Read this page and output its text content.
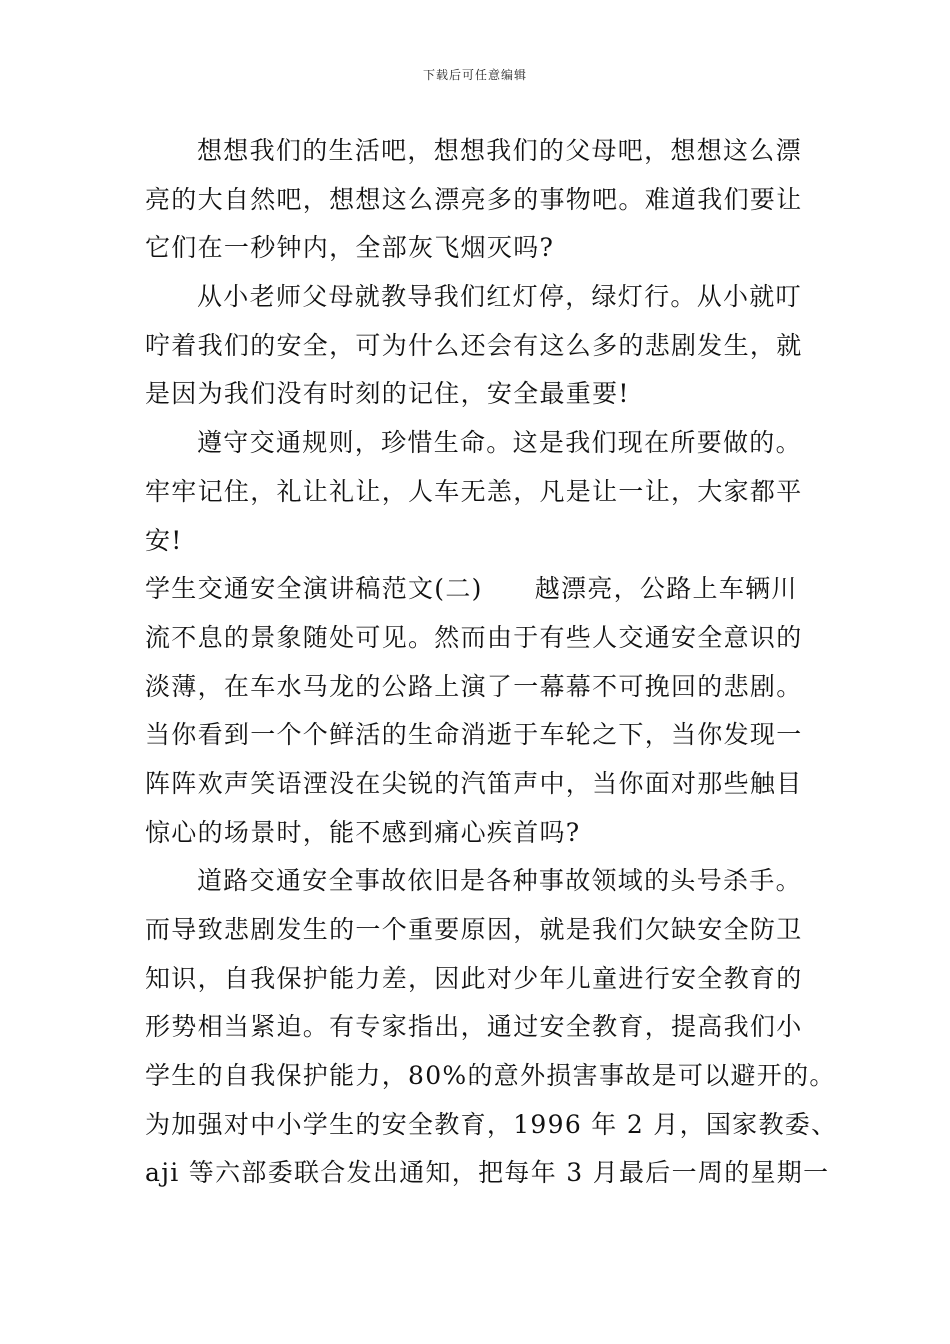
下载后可任意编辑
想想我们的生活吧，想想我们的父母吧，想想这么漂
亮的大自然吧，想想这么漂亮多的事物吧。难道我们要让
它们在一秒钟内，全部灰飞烟灭吗?
从小老师父母就教导我们红灯停，绿灯行。从小就叮
咛着我们的安全，可为什么还会有这么多的悲剧发生，就
是因为我们没有时刻的记住，安全最重要!
遵守交通规则，珍惜生命。这是我们现在所要做的。
牢牢记住，礼让礼让，人车无恙，凡是让一让，大家都平
安!
学生交通安全演讲稿范文(二) 越漂亮，公路上车辆川
流不息的景象随处可见。然而由于有些人交通安全意识的
淡薄，在车水马龙的公路上演了一幕幕不可挽回的悲剧。
当你看到一个个鲜活的生命消逝于车轮之下，当你发现一
阵阵欢声笑语湮没在尖锐的汽笛声中，当你面对那些触目
惊心的场景时，能不感到痛心疾首吗?
道路交通安全事故依旧是各种事故领域的头号杀手。
而导致悲剧发生的一个重要原因，就是我们欠缺安全防卫
知识，自我保护能力差，因此对少年儿童进行安全教育的
形势相当紧迫。有专家指出，通过安全教育，提高我们小
学生的自我保护能力，80%的意外损害事故是可以避开的。
为加强对中小学生的安全教育，1996 年 2 月，国家教委、
aji 等六部委联合发出通知，把每年 3 月最后一周的星期一
